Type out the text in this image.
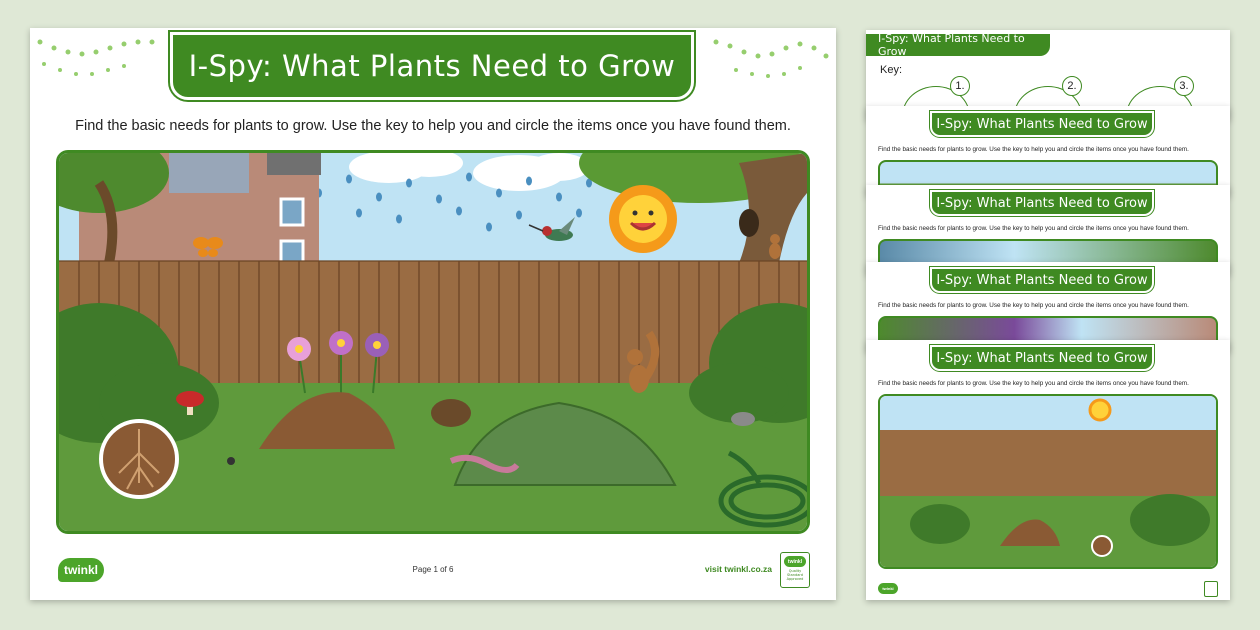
I-Spy: What Plants Need to Grow
Find the basic needs for plants to grow. Use the key to help you and circle the items once you have found them.
twinkl	Page 1 of 6	visit twinkl.co.za
twinkl
Quality Standard Approved
I-Spy: What Plants Need to Grow
Key:
1.	2.	3.
I-Spy: What Plants Need to Grow
Find the basic needs for plants to grow. Use the key to help you and circle the items once you have found them.
I-Spy: What Plants Need to Grow
Find the basic needs for plants to grow. Use the key to help you and circle the items once you have found them.
I-Spy: What Plants Need to Grow
Find the basic needs for plants to grow. Use the key to help you and circle the items once you have found them.
I-Spy: What Plants Need to Grow
Find the basic needs for plants to grow. Use the key to help you and circle the items once you have found them.
twinkl
